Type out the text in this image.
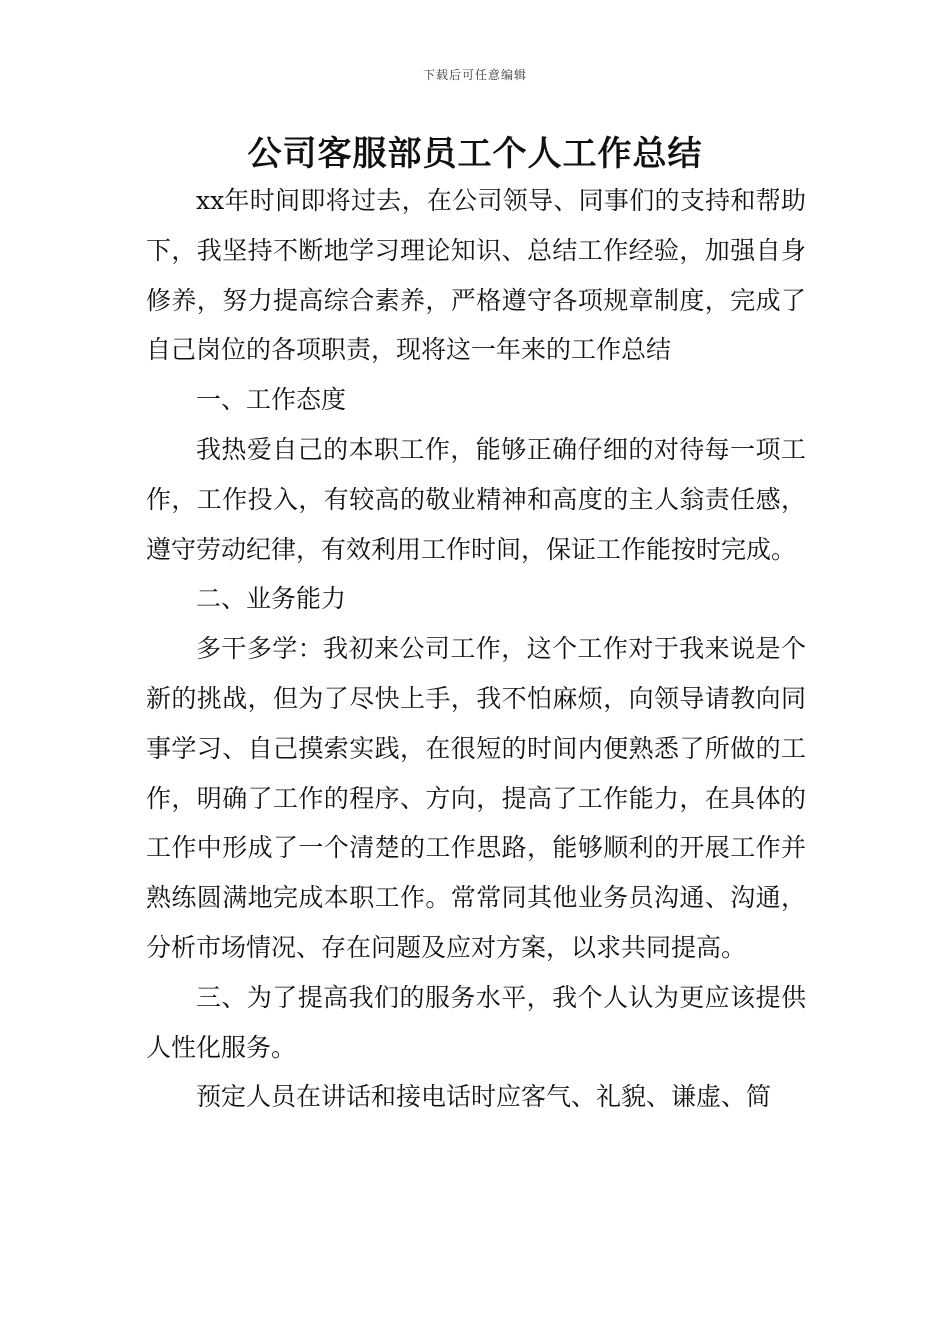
下载后可任意编辑
公司客服部员工个人工作总结

xx年时间即将过去，在公司领导、同事们的支持和帮助下，我坚持不断地学习理论知识、总结工作经验，加强自身修养，努力提高综合素养，严格遵守各项规章制度，完成了自己岗位的各项职责，现将这一年来的工作总结

一、工作态度

我热爱自己的本职工作，能够正确仔细的对待每一项工作，工作投入，有较高的敬业精神和高度的主人翁责任感，遵守劳动纪律，有效利用工作时间，保证工作能按时完成。

二、业务能力

多干多学：我初来公司工作，这个工作对于我来说是个新的挑战，但为了尽快上手，我不怕麻烦，向领导请教向同事学习、自己摸索实践，在很短的时间内便熟悉了所做的工作，明确了工作的程序、方向，提高了工作能力，在具体的工作中形成了一个清楚的工作思路，能够顺利的开展工作并熟练圆满地完成本职工作。常常同其他业务员沟通、沟通，分析市场情况、存在问题及应对方案，以求共同提高。

三、为了提高我们的服务水平，我个人认为更应该提供人性化服务。

预定人员在讲话和接电话时应客气、礼貌、谦虚、简
